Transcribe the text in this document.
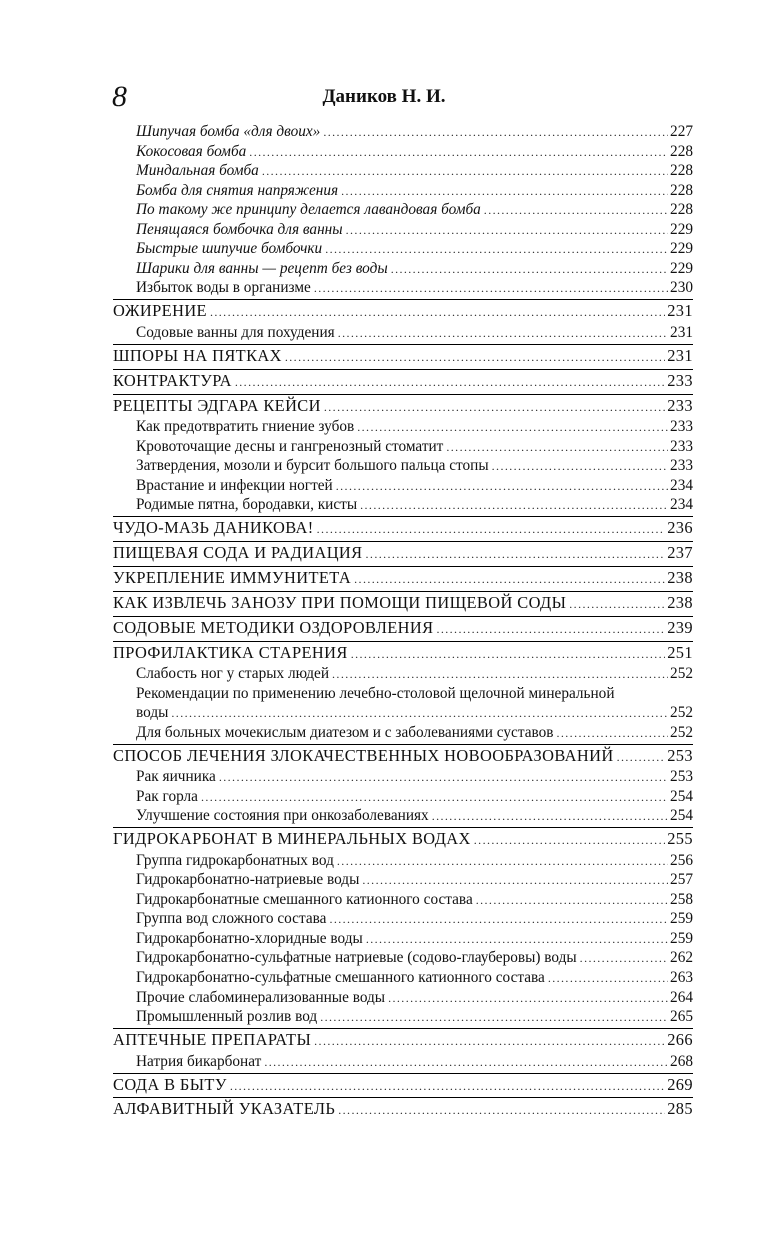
8	Даников Н. И.
Шипучая бомба «для двоих» .....	227
Кокосовая бомба .....	228
Миндальная бомба .....	228
Бомба для снятия напряжения .....	228
По такому же принципу делается лавандовая бомба .....	228
Пенящаяся бомбочка для ванны .....	229
Быстрые шипучие бомбочки .....	229
Шарики для ванны — рецепт без воды .....	229
Избыток воды в организме .....	230
ОЖИРЕНИЕ .....	231
Содовые ванны для похудения .....	231
ШПОРЫ НА ПЯТКАХ .....	231
КОНТРАКТУРА .....	233
РЕЦЕПТЫ ЭДГАРА КЕЙСИ .....	233
Как предотвратить гниение зубов .....	233
Кровоточащие десны и гангренозный стоматит .....	233
Затвердения, мозоли и бурсит большого пальца стопы .....	233
Врастание и инфекции ногтей .....	234
Родимые пятна, бородавки, кисты .....	234
ЧУДО-МАЗЬ ДАНИКОВА! .....	236
ПИЩЕВАЯ СОДА И РАДИАЦИЯ .....	237
УКРЕПЛЕНИЕ ИММУНИТЕТА .....	238
КАК ИЗВЛЕЧЬ ЗАНОЗУ ПРИ ПОМОЩИ ПИЩЕВОЙ СОДЫ .....	238
СОДОВЫЕ МЕТОДИКИ ОЗДОРОВЛЕНИЯ .....	239
ПРОФИЛАКТИКА СТАРЕНИЯ .....	251
Слабость ног у старых людей .....	252
Рекомендации по применению лечебно-столовой щелочной минеральной
воды .....	252
Для больных мочекислым диатезом и с заболеваниями суставов .....	252
СПОСОБ ЛЕЧЕНИЯ ЗЛОКАЧЕСТВЕННЫХ НОВООБРАЗОВАНИЙ .....	253
Рак яичника .....	253
Рак горла .....	254
Улучшение состояния при онкозаболеваниях .....	254
ГИДРОКАРБОНАТ В МИНЕРАЛЬНЫХ ВОДАХ .....	255
Группа гидрокарбонатных вод .....	256
Гидрокарбонатно-натриевые воды .....	257
Гидрокарбонатные смешанного катионного состава .....	258
Группа вод сложного состава .....	259
Гидрокарбонатно-хлоридные воды .....	259
Гидрокарбонатно-сульфатные натриевые (содово-глауберовы) воды .....	262
Гидрокарбонатно-сульфатные смешанного катионного состава .....	263
Прочие слабоминерализованные воды .....	264
Промышленный розлив вод .....	265
АПТЕЧНЫЕ ПРЕПАРАТЫ .....	266
Натрия бикарбонат .....	268
СОДА В БЫТУ .....	269
АЛФАВИТНЫЙ УКАЗАТЕЛЬ .....	285
